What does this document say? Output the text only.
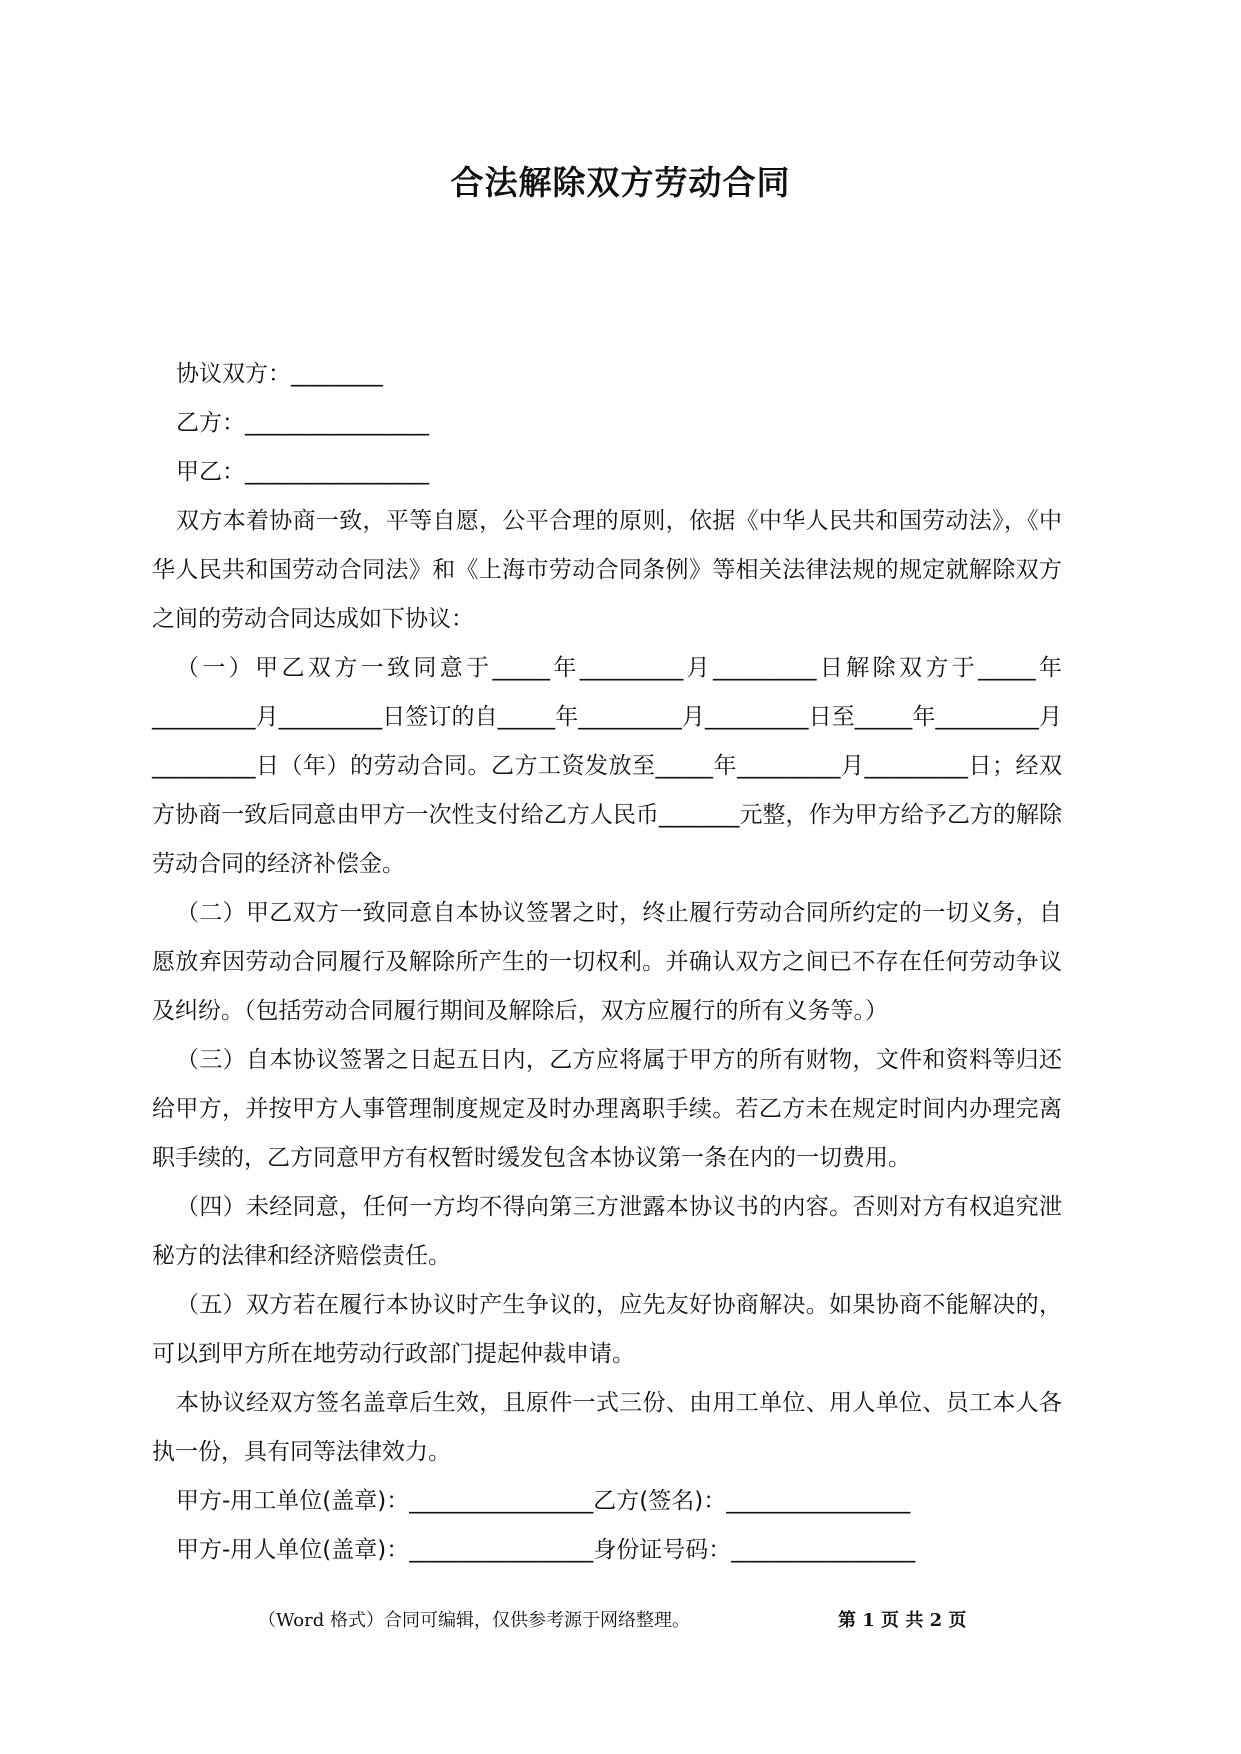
合法解除双方劳动合同

协议双方：________

乙方：________________

甲乙：________________

双方本着协商一致，平等自愿，公平合理的原则，依据《中华人民共和国劳动法》，《中华人民共和国劳动合同法》和《上海市劳动合同条例》等相关法律法规的规定就解除双方之间的劳动合同达成如下协议：

（一）甲乙双方一致同意于_____年_________月_________日解除双方于_____年_________月_________日签订的自_____年_________月_________日至_____年_________月_________日（年）的劳动合同。乙方工资发放至_____年_________月_________日；经双方协商一致后同意由甲方一次性支付给乙方人民币_______元整，作为甲方给予乙方的解除劳动合同的经济补偿金。

（二）甲乙双方一致同意自本协议签署之时，终止履行劳动合同所约定的一切义务，自愿放弃因劳动合同履行及解除所产生的一切权利。并确认双方之间已不存在任何劳动争议及纠纷。（包括劳动合同履行期间及解除后，双方应履行的所有义务等。）

（三）自本协议签署之日起五日内，乙方应将属于甲方的所有财物，文件和资料等归还给甲方，并按甲方人事管理制度规定及时办理离职手续。若乙方未在规定时间内办理完离职手续的，乙方同意甲方有权暂时缓发包含本协议第一条在内的一切费用。

（四）未经同意，任何一方均不得向第三方泄露本协议书的内容。否则对方有权追究泄秘方的法律和经济赔偿责任。

（五）双方若在履行本协议时产生争议的，应先友好协商解决。如果协商不能解决的，可以到甲方所在地劳动行政部门提起仲裁申请。

本协议经双方签名盖章后生效，且原件一式三份、由用工单位、用人单位、员工本人各执一份，具有同等法律效力。

甲方-用工单位(盖章)：________________乙方(签名)：________________

甲方-用人单位(盖章)：________________身份证号码：________________

（Word 格式）合同可编辑，仅供参考源于网络整理。	第 1 页 共 2 页
